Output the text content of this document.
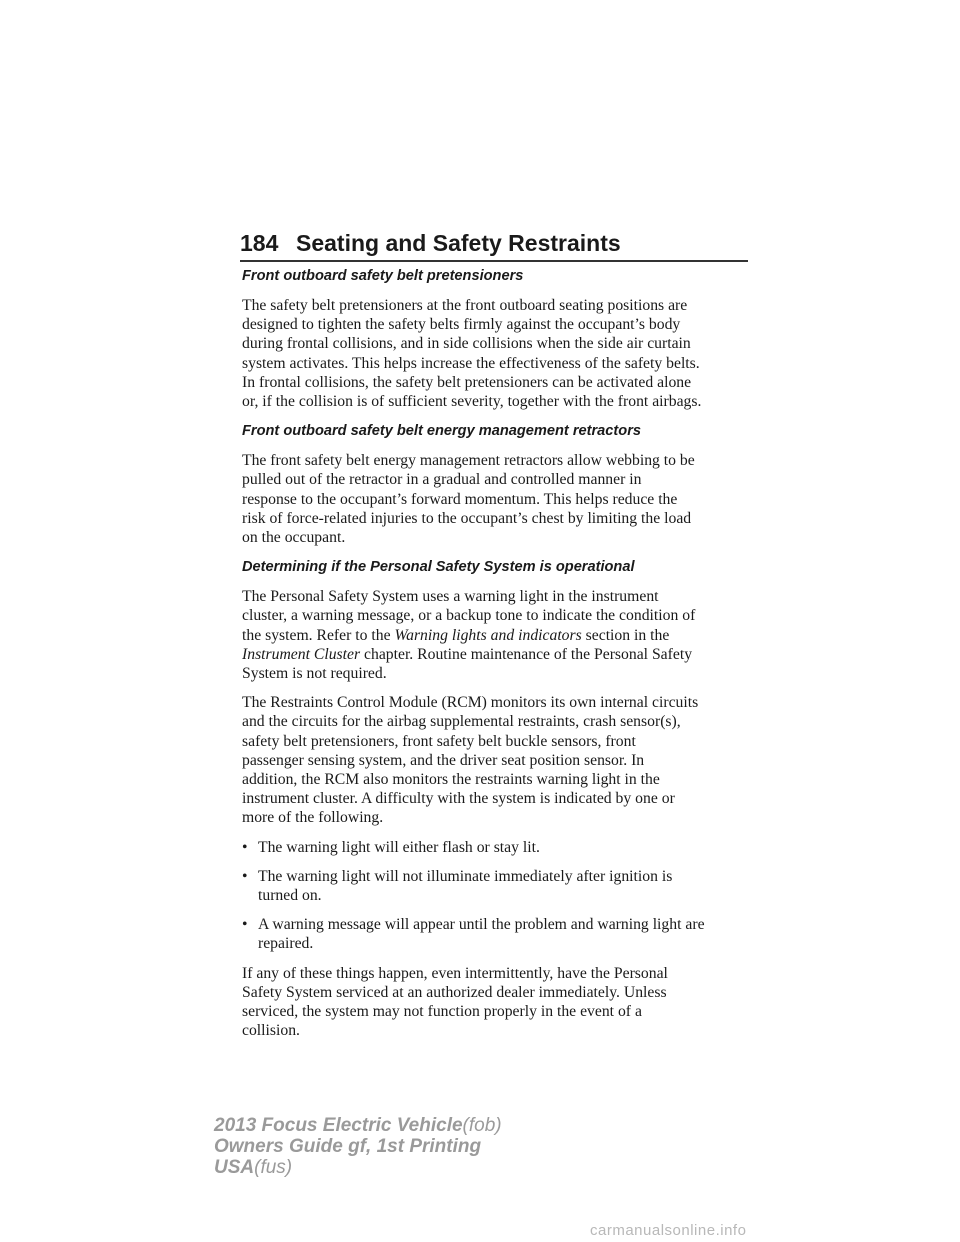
184 Seating and Safety Restraints
Front outboard safety belt pretensioners

The safety belt pretensioners at the front outboard seating positions are
designed to tighten the safety belts firmly against the occupant’s body
during frontal collisions, and in side collisions when the side air curtain
system activates. This helps increase the effectiveness of the safety belts.
In frontal collisions, the safety belt pretensioners can be activated alone
or, if the collision is of sufficient severity, together with the front airbags.

Front outboard safety belt energy management retractors

The front safety belt energy management retractors allow webbing to be
pulled out of the retractor in a gradual and controlled manner in
response to the occupant’s forward momentum. This helps reduce the
risk of force-related injuries to the occupant’s chest by limiting the load
on the occupant.

Determining if the Personal Safety System is operational

The Personal Safety System uses a warning light in the instrument
cluster, a warning message, or a backup tone to indicate the condition of
the system. Refer to the Warning lights and indicators section in the
Instrument Cluster chapter. Routine maintenance of the Personal Safety
System is not required.

The Restraints Control Module (RCM) monitors its own internal circuits
and the circuits for the airbag supplemental restraints, crash sensor(s),
safety belt pretensioners, front safety belt buckle sensors, front
passenger sensing system, and the driver seat position sensor. In
addition, the RCM also monitors the restraints warning light in the
instrument cluster. A difficulty with the system is indicated by one or
more of the following.

• The warning light will either flash or stay lit.
• The warning light will not illuminate immediately after ignition is
turned on.
• A warning message will appear until the problem and warning light are
repaired.

If any of these things happen, even intermittently, have the Personal
Safety System serviced at an authorized dealer immediately. Unless
serviced, the system may not function properly in the event of a
collision.

2013 Focus Electric Vehicle(fob)
Owners Guide gf, 1st Printing
USA(fus)
carmanualsonline.info
